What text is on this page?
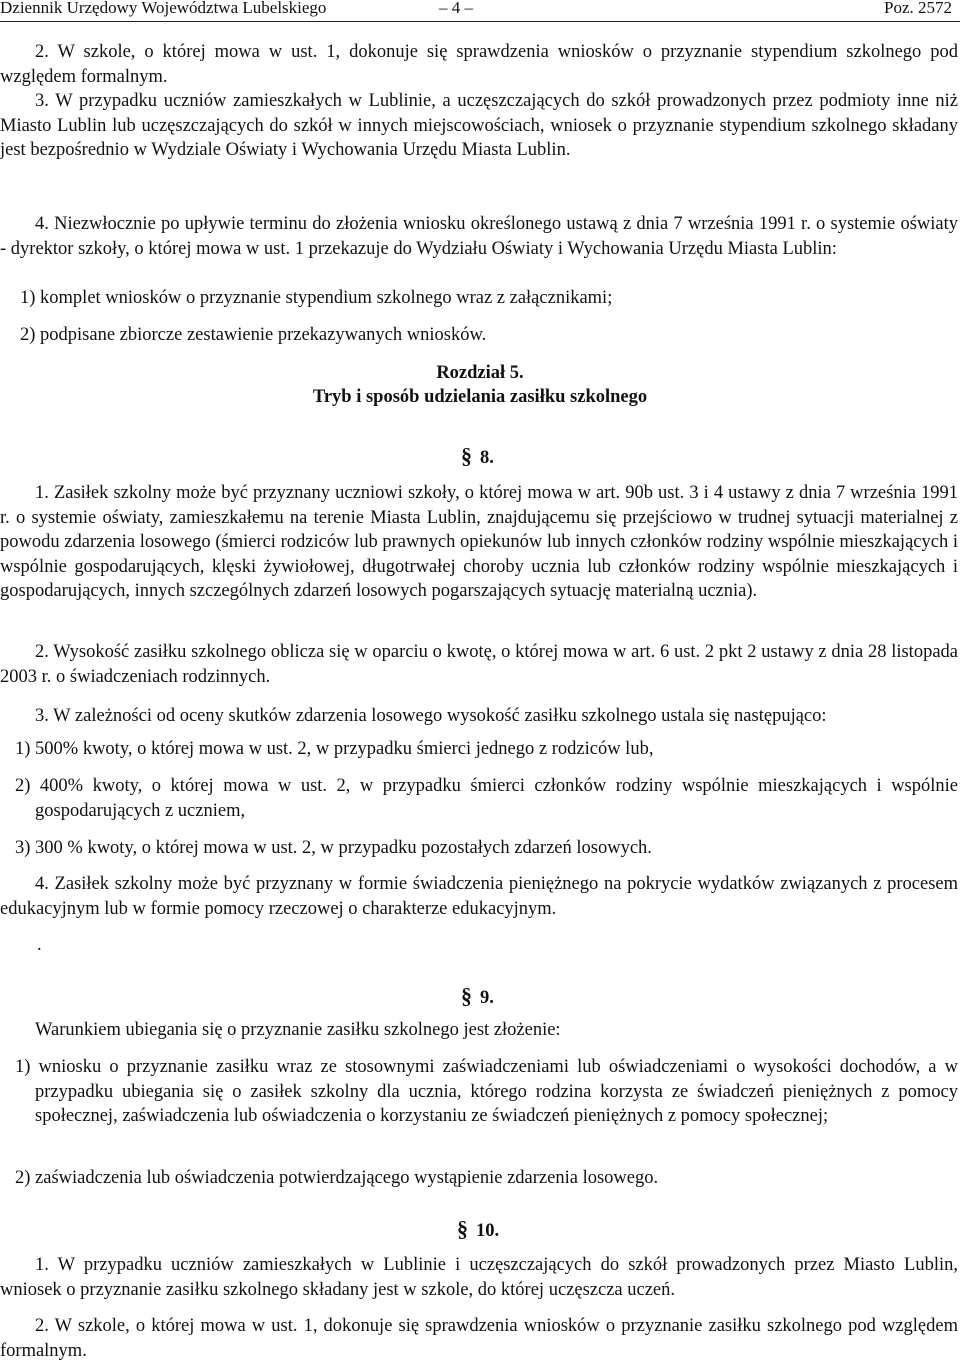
Dziennik Urzędowy Województwa Lubelskiego	– 4 –	Poz. 2572

2. W szkole, o której mowa w ust. 1, dokonuje się sprawdzenia wniosków o przyznanie stypendium szkolnego pod względem formalnym.

3. W przypadku uczniów zamieszkałych w Lublinie, a uczęszczających do szkół prowadzonych przez podmioty inne niż Miasto Lublin lub uczęszczających do szkół w innych miejscowościach, wniosek o przyznanie stypendium szkolnego składany jest bezpośrednio w Wydziale Oświaty i Wychowania Urzędu Miasta Lublin.

4. Niezwłocznie po upływie terminu do złożenia wniosku określonego ustawą z dnia 7 września 1991 r. o systemie oświaty - dyrektor szkoły, o której mowa w ust. 1 przekazuje do Wydziału Oświaty i Wychowania Urzędu Miasta Lublin:

1) komplet wniosków o przyznanie stypendium szkolnego wraz z załącznikami;

2) podpisane zbiorcze zestawienie przekazywanych wniosków.

Rozdział 5.

Tryb i sposób udzielania zasiłku szkolnego

§ 8.

1. Zasiłek szkolny może być przyznany uczniowi szkoły, o której mowa w art. 90b ust. 3 i 4 ustawy z dnia 7 września 1991 r. o systemie oświaty, zamieszkałemu na terenie Miasta Lublin, znajdującemu się przejściowo w trudnej sytuacji materialnej z powodu zdarzenia losowego (śmierci rodziców lub prawnych opiekunów lub innych członków rodziny wspólnie mieszkających i wspólnie gospodarujących, klęski żywiołowej, długotrwałej choroby ucznia lub członków rodziny wspólnie mieszkających i gospodarujących, innych szczególnych zdarzeń losowych pogarszających sytuację materialną ucznia).

2. Wysokość zasiłku szkolnego oblicza się w oparciu o kwotę, o której mowa w art. 6 ust. 2 pkt 2 ustawy z dnia 28 listopada 2003 r. o świadczeniach rodzinnych.

3. W zależności od oceny skutków zdarzenia losowego wysokość zasiłku szkolnego ustala się następująco:

1) 500% kwoty, o której mowa w ust. 2, w przypadku śmierci jednego z rodziców lub,

2) 400% kwoty, o której mowa w ust. 2, w przypadku śmierci członków rodziny wspólnie mieszkających i wspólnie gospodarujących z uczniem,

3) 300 % kwoty, o której mowa w ust. 2, w przypadku pozostałych zdarzeń losowych.

4. Zasiłek szkolny może być przyznany w formie świadczenia pieniężnego na pokrycie wydatków związanych z procesem edukacyjnym lub w formie pomocy rzeczowej o charakterze edukacyjnym.

.

§ 9.

Warunkiem ubiegania się o przyznanie zasiłku szkolnego jest złożenie:

1) wniosku o przyznanie zasiłku wraz ze stosownymi zaświadczeniami lub oświadczeniami o wysokości dochodów, a w przypadku ubiegania się o zasiłek szkolny dla ucznia, którego rodzina korzysta ze świadczeń pieniężnych z pomocy społecznej, zaświadczenia lub oświadczenia o korzystaniu ze świadczeń pieniężnych z pomocy społecznej;

2) zaświadczenia lub oświadczenia potwierdzającego wystąpienie zdarzenia losowego.

§ 10.

1. W przypadku uczniów zamieszkałych w Lublinie i uczęszczających do szkół prowadzonych przez Miasto Lublin, wniosek o przyznanie zasiłku szkolnego składany jest w szkole, do której uczęszcza uczeń.

2. W szkole, o której mowa w ust. 1, dokonuje się sprawdzenia wniosków o przyznanie zasiłku szkolnego pod względem formalnym.
